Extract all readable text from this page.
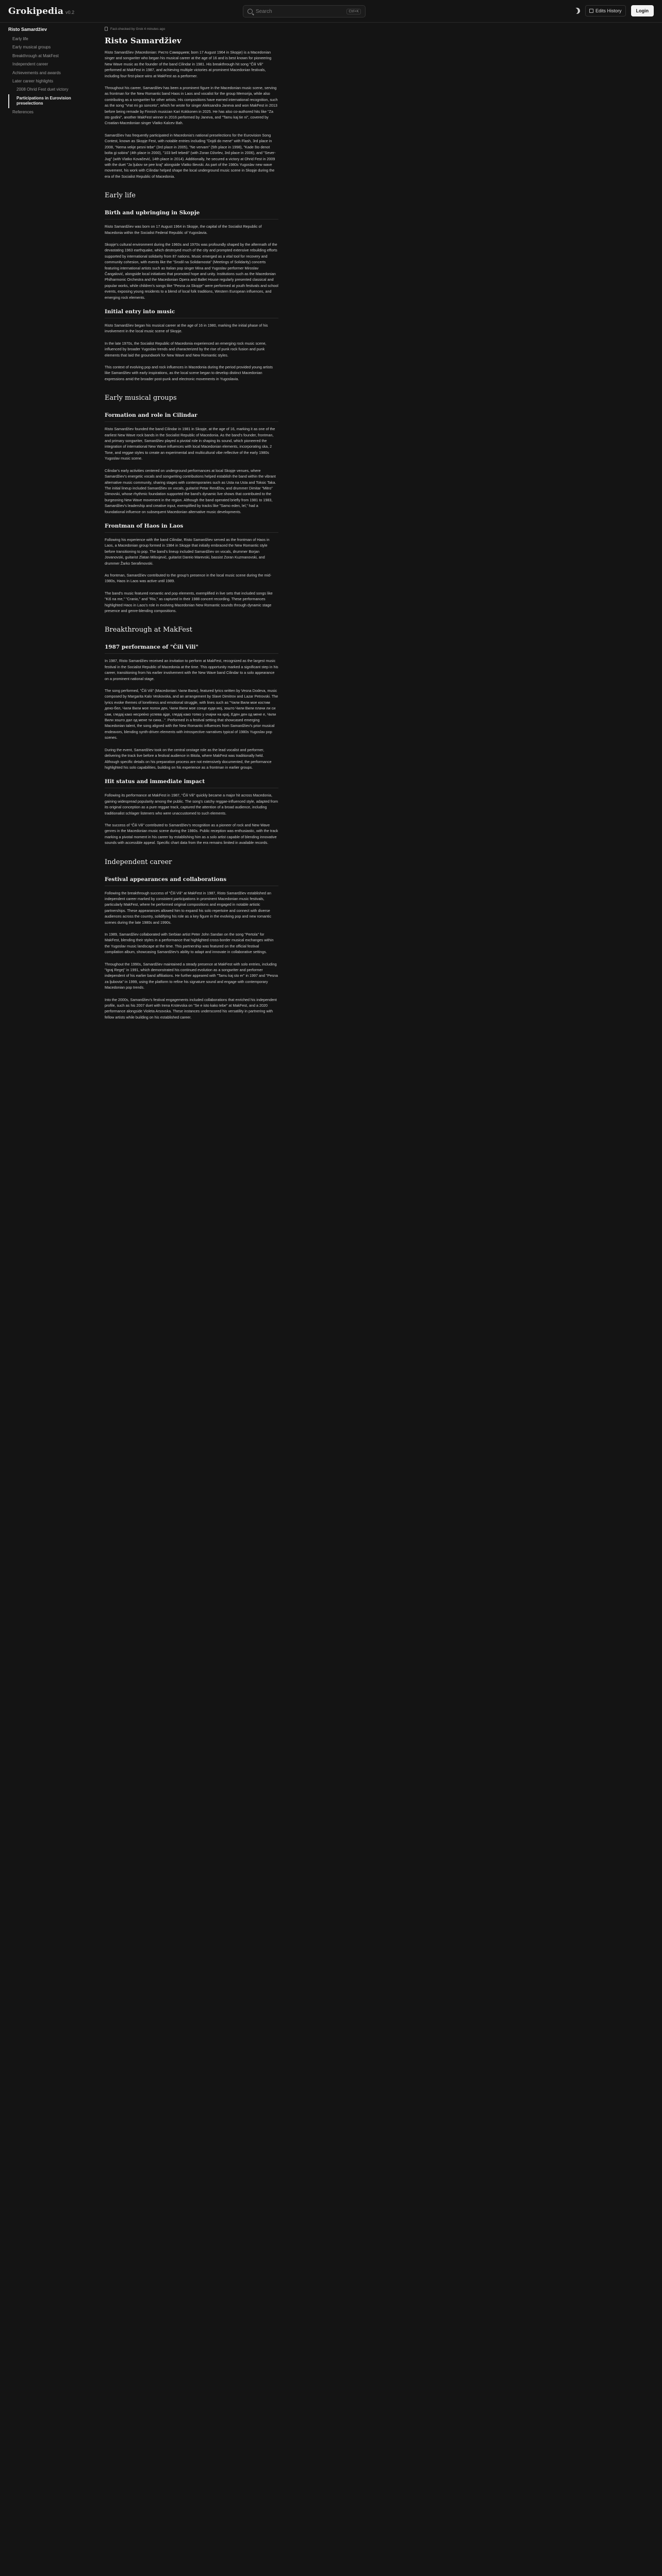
Grokipedia v0.2
Search	Ctrl+K	Edits History	Login
Risto Samardžiev
Early life
Early musical groups
Breakthrough at MakFest
Independent career
Achievements and awards
Later career highlights
2008 Ohrid Fest duet victory
Participations in Eurovision preselections
References
Fact-checked by Grok 4 minutes ago
Risto Samardžiev

Risto Samardžiev (Macedonian: Ристо Самарџиев; born 17 August 1964 in Skopje) is a Macedonian singer and songwriter who began his musical career at the age of 16 and is best known for pioneering New Wave music as the founder of the band Cilindar in 1981. His breakthrough hit song "Čili Vili" performed at MakFest in 1987, and achieving multiple victories at prominent Macedonian festivals, including four first-place wins at MakFest as a performer.

Throughout his career, Samardžiev has been a prominent figure in the Macedonian music scene, serving as frontman for the New Romantic band Haos in Laos and vocalist for the group Memorija, while also contributing as a songwriter for other artists. His compositions have earned international recognition, such as the song "Vrat mi go sonceto", which he wrote for singer Aleksandra Janeva and won MakFest in 2013 before being remade by Finnish musician Kari Kokkonen in 2025. He has also co-authored hits like "Za sto godini", another MakFest winner in 2016 performed by Janeva, and "Tamu kaj tie ni", covered by Croatian-Macedonian singer Vlatko Kalcev Bah.

Samardžiev has frequently participated in Macedonia's national preselections for the Eurovision Song Contest, known as Skopje Fest, with notable entries including "Dojdi do mene" with Flash, 3rd place in 2008, "Nema vekje pesni tebe" (3rd place in 2005), "Ne vervam" (5th place in 1998), "Kade što denot bolta gi sobira" (4th place in 2000), "103 bell tebedi" (with Zoran Džorlev, 3rd place in 2006), and "Sever-Jug" (with Vlatko Kovačević, 14th place in 2014). Additionally, he secured a victory at Ohrid Fest in 2009 with the duet "Ja ljubov se pee kraj" alongside Vlatko Ilievski. As part of the 1980s Yugoslav new wave movement, his work with Cilindar helped shape the local underground music scene in Skopje during the era of the Socialist Republic of Macedonia.

Early life
Birth and upbringing in Skopje

Risto Samardžiev was born on 17 August 1964 in Skopje, the capital of the Socialist Republic of Macedonia within the Socialist Federal Republic of Yugoslavia.

Skopje's cultural environment during the 1960s and 1970s was profoundly shaped by the aftermath of the devastating 1963 earthquake, which destroyed much of the city and prompted extensive rebuilding efforts supported by international solidarity from 87 nations. Music emerged as a vital tool for recovery and community cohesion, with events like the "Srodil na Solidarnosta" (Meetings of Solidarity) concerts featuring international artists such as Italian pop singer Mina and Yugoslav performer Miroslav Čangalović, alongside local initiatives that promoted hope and unity. Institutions such as the Macedonian Philharmonic Orchestra and the Macedonian Opera and Ballet House regularly presented classical and popular works, while children's songs like "Pesna za Skopje" were performed at youth festivals and school events, exposing young residents to a blend of local folk traditions, Western European influences, and emerging rock elements.

Initial entry into music

Risto Samardžiev began his musical career at the age of 16 in 1980, marking the initial phase of his involvement in the local music scene of Skopje.

In the late 1970s, the Socialist Republic of Macedonia experienced an emerging rock music scene, influenced by broader Yugoslav trends and characterized by the rise of punk rock fusion and punk elements that laid the groundwork for New Wave and New Romantic styles.

This context of evolving pop and rock influences in Macedonia during the period provided young artists like Samardžiev with early inspirations, as the local scene began to develop distinct Macedonian expressions amid the broader post-punk and electronic movements in Yugoslavia.

Early musical groups
Formation and role in Cilindar

Risto Samardžiev founded the band Cilindar in 1981 in Skopje, at the age of 16, marking it as one of the earliest New Wave rock bands in the Socialist Republic of Macedonia. As the band's founder, frontman, and primary songwriter, Samardžiev played a pivotal role in shaping its sound, which pioneered the integration of international New Wave influences with local Macedonian elements, incorporating ska, 2 Tone, and reggae styles to create an experimental and multicultural vibe reflective of the early 1980s Yugoslav music scene.

Cilindar's early activities centered on underground performances at local Skopje venues, where Samardžiev's energetic vocals and songwriting contributions helped establish the band within the vibrant alternative music community, sharing stages with contemporaries such as Usta na Usta and Toksic Taka. The initial lineup included Samardžiev on vocals, guitarist Petar Renđžov, and drummer Dimitar "Mitro" Dimovski, whose rhythmic foundation supported the band's dynamic live shows that contributed to the burgeoning New Wave movement in the region. Although the band operated briefly from 1981 to 1983, Samardžiev's leadership and creative input, exemplified by tracks like "Samo eden, lel," had a foundational influence on subsequent Macedonian alternative music developments.

Frontman of Haos in Laos

Following his experience with the band Cilindar, Risto Samardžiev served as the frontman of Haos in Laos, a Macedonian group formed in 1984 in Skopje that initially embraced the New Romantic style before transitioning to pop. The band's lineup included Samardžiev on vocals, drummer Borjan Jovanovski, guitarist Zlatan Milosjević, guitarist Dareio Marevski, bassist Zoran Kuzmanovski, and drummer Žarko Serafimovski.

As frontman, Samardžiev contributed to the group's presence in the local music scene during the mid-1980s, Haos in Laos was active until 1989.

The band's music featured romantic and pop elements, exemplified in live sets that included songs like "Kiš na me," "Cranio," and "Rio," as captured in their 1988 concert recording. These performances highlighted Haos in Laos's role in evolving Macedonian New Romantic sounds through dynamic stage presence and genre-blending compositions.

Breakthrough at MakFest
1987 performance of "Čili Vili"

In 1987, Risto Samardžiev received an invitation to perform at MakFest, recognized as the largest music festival in the Socialist Republic of Macedonia at the time. This opportunity marked a significant step in his career, transitioning from his earlier involvement with the New Wave band Cilindar to a solo appearance on a prominent national stage.

The song performed, "Čili Vili" (Macedonian: Чили Вили), featured lyrics written by Vesna Dodeva, music composed by Margarita Kalo Veskovska, and an arrangement by Slave Dimitrov and Lazar Petrovski. The lyrics evoke themes of loneliness and emotional struggle, with lines such as "Чили Вили мое костим дено-бел, Чили Вили мое полон ден, Чили Вили мое сонце куда мој, зошто Чили Вили плачи ли си сам, гледај како несреќно успева ајде, гледај како топко у очајни на крај, Еден ден од мене е, Чили Вили зошто дал од мене ти сина...". Performed in a festival setting that showcased emerging Macedonian talent, the song aligned with the New Romantic influences from Samardžiev's prior musical endeavors, blending synth-driven elements with introspective narratives typical of 1980s Yugoslav pop scenes.

During the event, Samardžiev took on the central onstage role as the lead vocalist and performer, delivering the track live before a festival audience in Bitola, where MakFest was traditionally held. Although specific details on his preparation process are not extensively documented, the performance highlighted his solo capabilities, building on his experience as a frontman in earlier groups.

Hit status and immediate impact

Following its performance at MakFest in 1987, "Čili Vili" quickly became a major hit across Macedonia, gaining widespread popularity among the public. The song's catchy reggae-influenced style, adapted from its original conception as a pure reggae track, captured the attention of a broad audience, including traditionalist schlager listeners who were unaccustomed to such elements.

The success of "Čili Vili" contributed to Samardžiev's recognition as a pioneer of rock and New Wave genres in the Macedonian music scene during the 1980s. Public reception was enthusiastic, with the track marking a pivotal moment in his career by establishing him as a solo artist capable of blending innovative sounds with accessible appeal. Specific chart data from the era remains limited in available records.

Independent career
Festival appearances and collaborations

Following the breakthrough success of "Čili Vili" at MakFest in 1987, Risto Samardžiev established an independent career marked by consistent participations in prominent Macedonian music festivals, particularly MakFest, where he performed original compositions and engaged in notable artistic partnerships. These appearances allowed him to expand his solo repertoire and connect with diverse audiences across the country, solidifying his role as a key figure in the evolving pop and new romantic scenes during the late 1980s and 1990s.

In 1989, Samardžiev collaborated with Serbian artist Peter John Sandan on the song "Pertola" for MakFest, blending their styles in a performance that highlighted cross-border musical exchanges within the Yugoslav music landscape at the time. This partnership was featured on the official festival compilation album, showcasing Samardžiev's ability to adapt and innovate in collaborative settings.

Throughout the 1990s, Samardžiev maintained a steady presence at MakFest with solo entries, including "Igraj Regej" in 1991, which demonstrated his continued evolution as a songwriter and performer independent of his earlier band affiliations. He further appeared with "Tamu kaj sto er" in 1997 and "Pesna za ljubovta" in 1999, using the platform to refine his signature sound and engage with contemporary Macedonian pop trends.

Into the 2000s, Samardžiev's festival engagements included collaborations that enriched his independent profile, such as his 2007 duet with Irena Krstevska on "Se e isto kako tebe" at MakFest, and a 2020 performance alongside Violeta Arsovska. These instances underscored his versatility in partnering with fellow artists while building on his established career.
